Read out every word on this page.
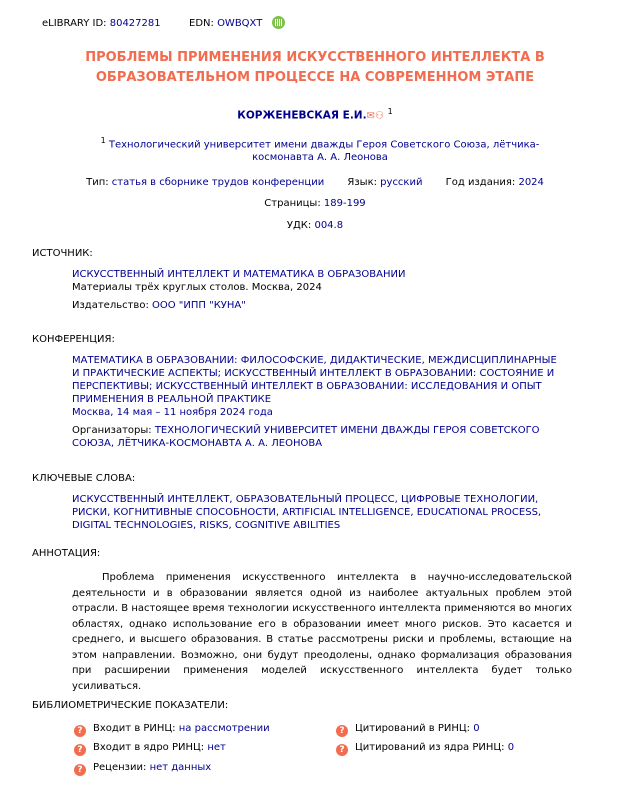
eLIBRARY ID: 80427281	EDN: OWBQXT
ПРОБЛЕМЫ ПРИМЕНЕНИЯ ИСКУССТВЕННОГО ИНТЕЛЛЕКТА В
ОБРАЗОВАТЕЛЬНОМ ПРОЦЕССЕ НА СОВРЕМЕННОМ ЭТАПЕ
КОРЖЕНЕВСКАЯ Е.И.✉⚇ $^1$
$^1$ Технологический университет имени дважды Героя Советского Союза, лётчика-космонавта А. А. Леонова
Тип: статья в сборнике трудов конференции Язык: русский Год издания: 2024
Страницы: 189-199
УДК: 004.8
ИСТОЧНИК:
ИСКУССТВЕННЫЙ ИНТЕЛЛЕКТ И МАТЕМАТИКА В ОБРАЗОВАНИИ
Материалы трёх круглых столов. Москва, 2024
Издательство: ООО "ИПП "КУНА"
КОНФЕРЕНЦИЯ:
МАТЕМАТИКА В ОБРАЗОВАНИИ: ФИЛОСОФСКИЕ, ДИДАКТИЧЕСКИЕ, МЕЖДИСЦИПЛИНАРНЫЕ И ПРАКТИЧЕСКИЕ АСПЕКТЫ; ИСКУССТВЕННЫЙ ИНТЕЛЛЕКТ В ОБРАЗОВАНИИ: СОСТОЯНИЕ И ПЕРСПЕКТИВЫ; ИСКУССТВЕННЫЙ ИНТЕЛЛЕКТ В ОБРАЗОВАНИИ: ИССЛЕДОВАНИЯ И ОПЫТ ПРИМЕНЕНИЯ В РЕАЛЬНОЙ ПРАКТИКЕ
Москва, 14 мая – 11 ноября 2024 года
Организаторы: ТЕХНОЛОГИЧЕСКИЙ УНИВЕРСИТЕТ ИМЕНИ ДВАЖДЫ ГЕРОЯ СОВЕТСКОГО СОЮЗА, ЛЁТЧИКА-КОСМОНАВТА А. А. ЛЕОНОВА
КЛЮЧЕВЫЕ СЛОВА:
ИСКУССТВЕННЫЙ ИНТЕЛЛЕКТ, ОБРАЗОВАТЕЛЬНЫЙ ПРОЦЕСС, ЦИФРОВЫЕ ТЕХНОЛОГИИ, РИСКИ, КОГНИТИВНЫЕ СПОСОБНОСТИ, ARTIFICIAL INTELLIGENCE, EDUCATIONAL PROCESS, DIGITAL TECHNOLOGIES, RISKS, COGNITIVE ABILITIES
АННОТАЦИЯ:
Проблема применения искусственного интеллекта в научно-исследовательской деятельности и в образовании является одной из наиболее актуальных проблем этой отрасли. В настоящее время технологии искусственного интеллекта применяются во многих областях, однако использование его в образовании имеет много рисков. Это касается и среднего, и высшего образования. В статье рассмотрены риски и проблемы, встающие на этом направлении. Возможно, они будут преодолены, однако формализация образования при расширении применения моделей искусственного интеллекта будет только усиливаться.
БИБЛИОМЕТРИЧЕСКИЕ ПОКАЗАТЕЛИ:
? Входит в РИНЦ: на рассмотрении
? Входит в ядро РИНЦ: нет
? Рецензии: нет данных
? Цитирований в РИНЦ: 0
? Цитирований из ядра РИНЦ: 0
